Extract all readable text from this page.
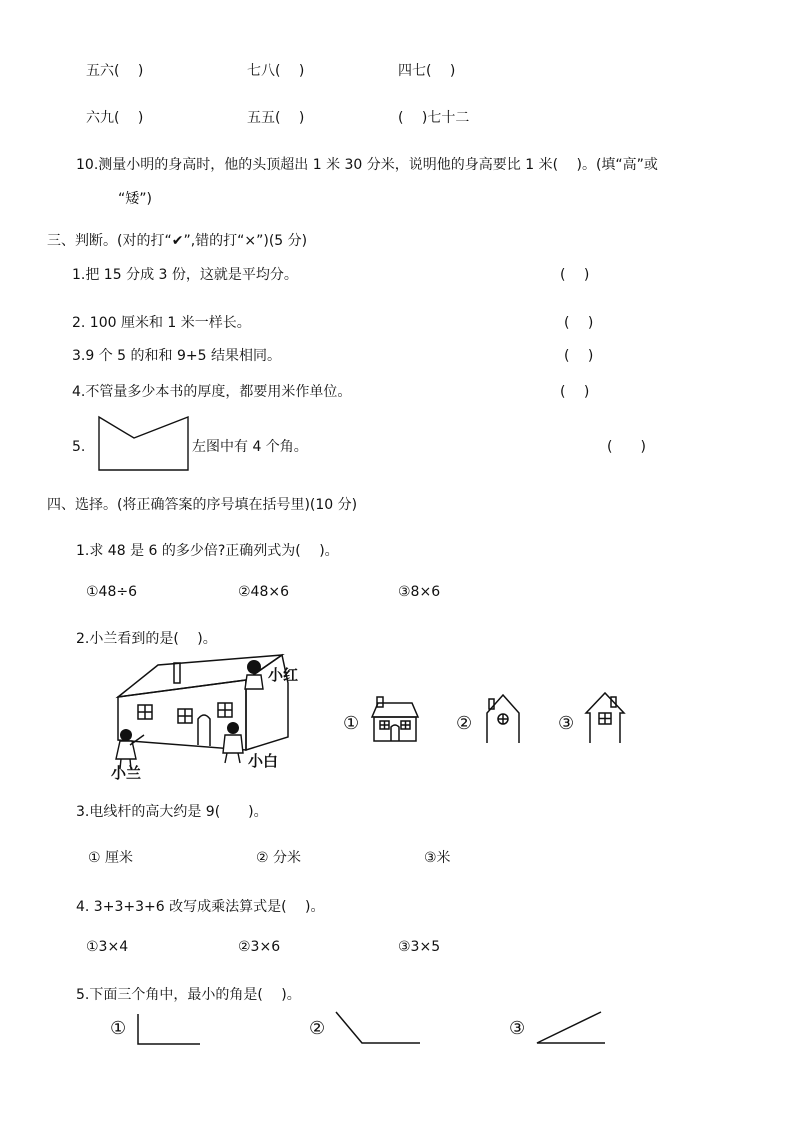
五六(　 )	七八(　 )	四七(　 )
六九(　 )	五五(　 )	(　 )七十二
10.测量小明的身高时，他的头顶超出 1 米 30 分米，说明他的身高要比 1 米(　 )。(填“高”或
“矮”)
三、判断。(对的打“✔”,错的打“×”)(5 分)
1.把 15 分成 3 份，这就是平均分。	(　 )
2. 100 厘米和 1 米一样长。	(　 )
3.9 个 5 的和和 9+5 结果相同。	(　 )
4.不管量多少本书的厚度，都要用米作单位。	(　 )
5.	左图中有 4 个角。	(　　)
四、选择。(将正确答案的序号填在括号里)(10 分)
1.求 48 是 6 的多少倍?正确列式为(　 )。
①48÷6	②48×6	③8×6
2.小兰看到的是(　 )。
小红
小白
小兰
①	②	③
3.电线杆的高大约是 9(　　)。
① 厘米	② 分米	③米
4. 3+3+3+6 改写成乘法算式是(　 )。
①3×4	②3×6	③3×5
5.下面三个角中，最小的角是(　 )。
①	②	③
